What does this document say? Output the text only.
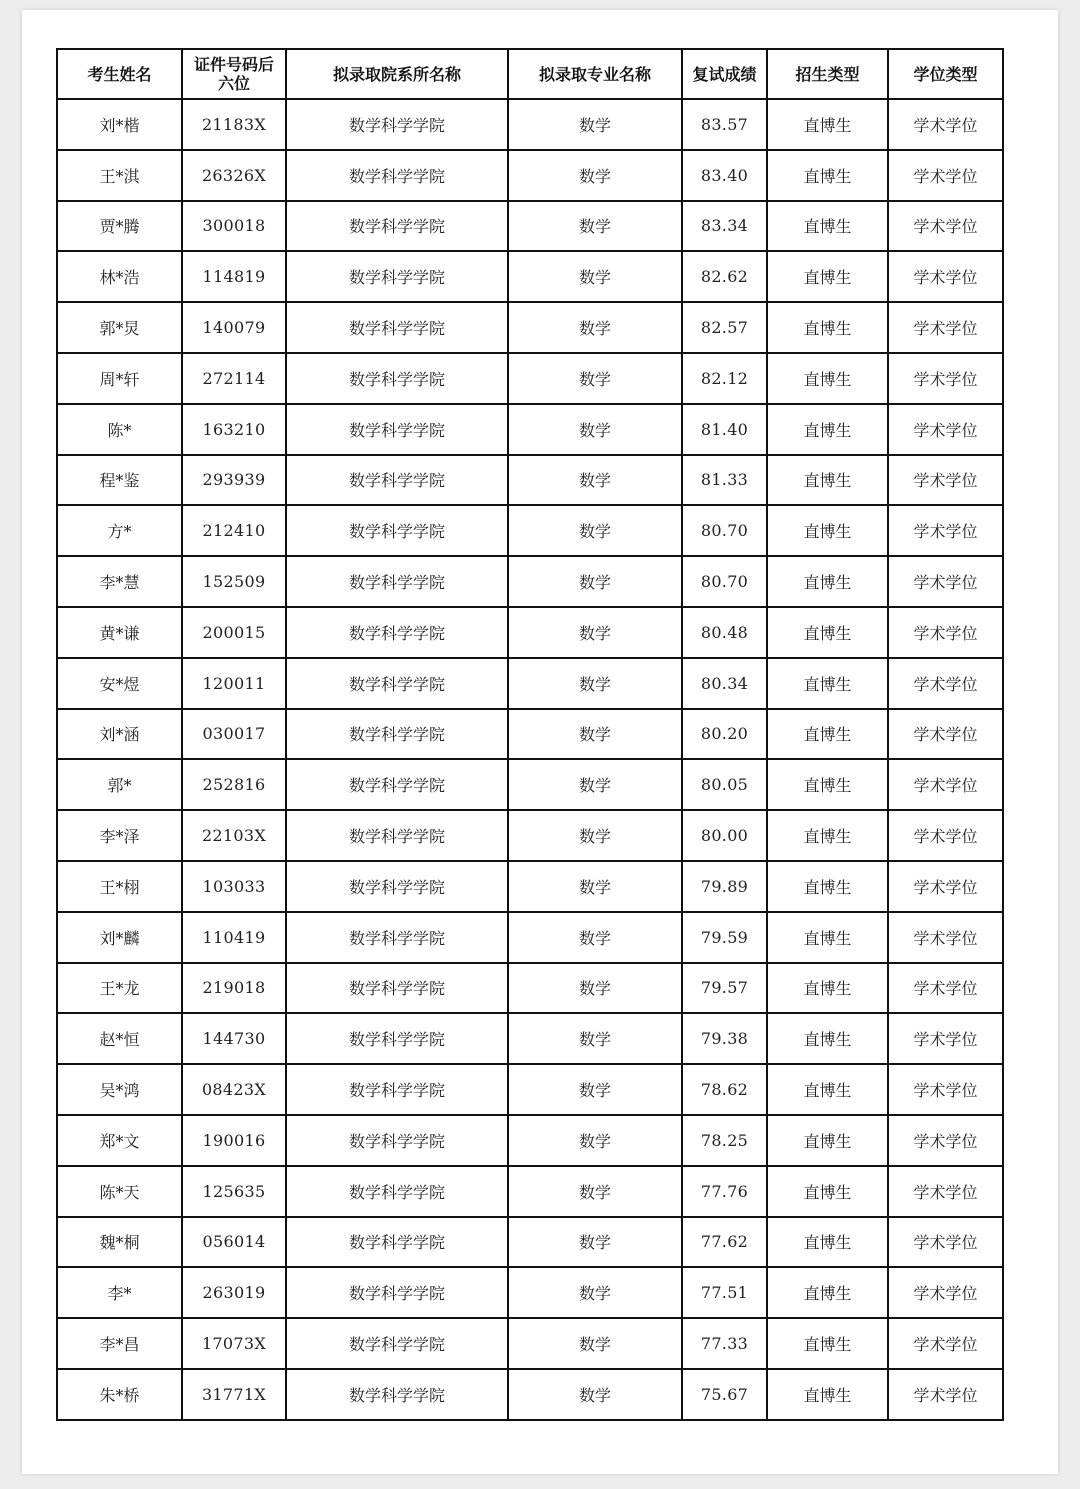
考生姓名	证件号码后六位	拟录取院系所名称	拟录取专业名称	复试成绩	招生类型	学位类型
刘*楷	21183X	数学科学学院	数学	83.57	直博生	学术学位
王*淇	26326X	数学科学学院	数学	83.40	直博生	学术学位
贾*腾	300018	数学科学学院	数学	83.34	直博生	学术学位
林*浩	114819	数学科学学院	数学	82.62	直博生	学术学位
郭*炅	140079	数学科学学院	数学	82.57	直博生	学术学位
周*轩	272114	数学科学学院	数学	82.12	直博生	学术学位
陈*	163210	数学科学学院	数学	81.40	直博生	学术学位
程*鉴	293939	数学科学学院	数学	81.33	直博生	学术学位
方*	212410	数学科学学院	数学	80.70	直博生	学术学位
李*慧	152509	数学科学学院	数学	80.70	直博生	学术学位
黄*谦	200015	数学科学学院	数学	80.48	直博生	学术学位
安*煜	120011	数学科学学院	数学	80.34	直博生	学术学位
刘*涵	030017	数学科学学院	数学	80.20	直博生	学术学位
郭*	252816	数学科学学院	数学	80.05	直博生	学术学位
李*泽	22103X	数学科学学院	数学	80.00	直博生	学术学位
王*栩	103033	数学科学学院	数学	79.89	直博生	学术学位
刘*麟	110419	数学科学学院	数学	79.59	直博生	学术学位
王*龙	219018	数学科学学院	数学	79.57	直博生	学术学位
赵*恒	144730	数学科学学院	数学	79.38	直博生	学术学位
吴*鸿	08423X	数学科学学院	数学	78.62	直博生	学术学位
郑*文	190016	数学科学学院	数学	78.25	直博生	学术学位
陈*天	125635	数学科学学院	数学	77.76	直博生	学术学位
魏*桐	056014	数学科学学院	数学	77.62	直博生	学术学位
李*	263019	数学科学学院	数学	77.51	直博生	学术学位
李*昌	17073X	数学科学学院	数学	77.33	直博生	学术学位
朱*桥	31771X	数学科学学院	数学	75.67	直博生	学术学位
